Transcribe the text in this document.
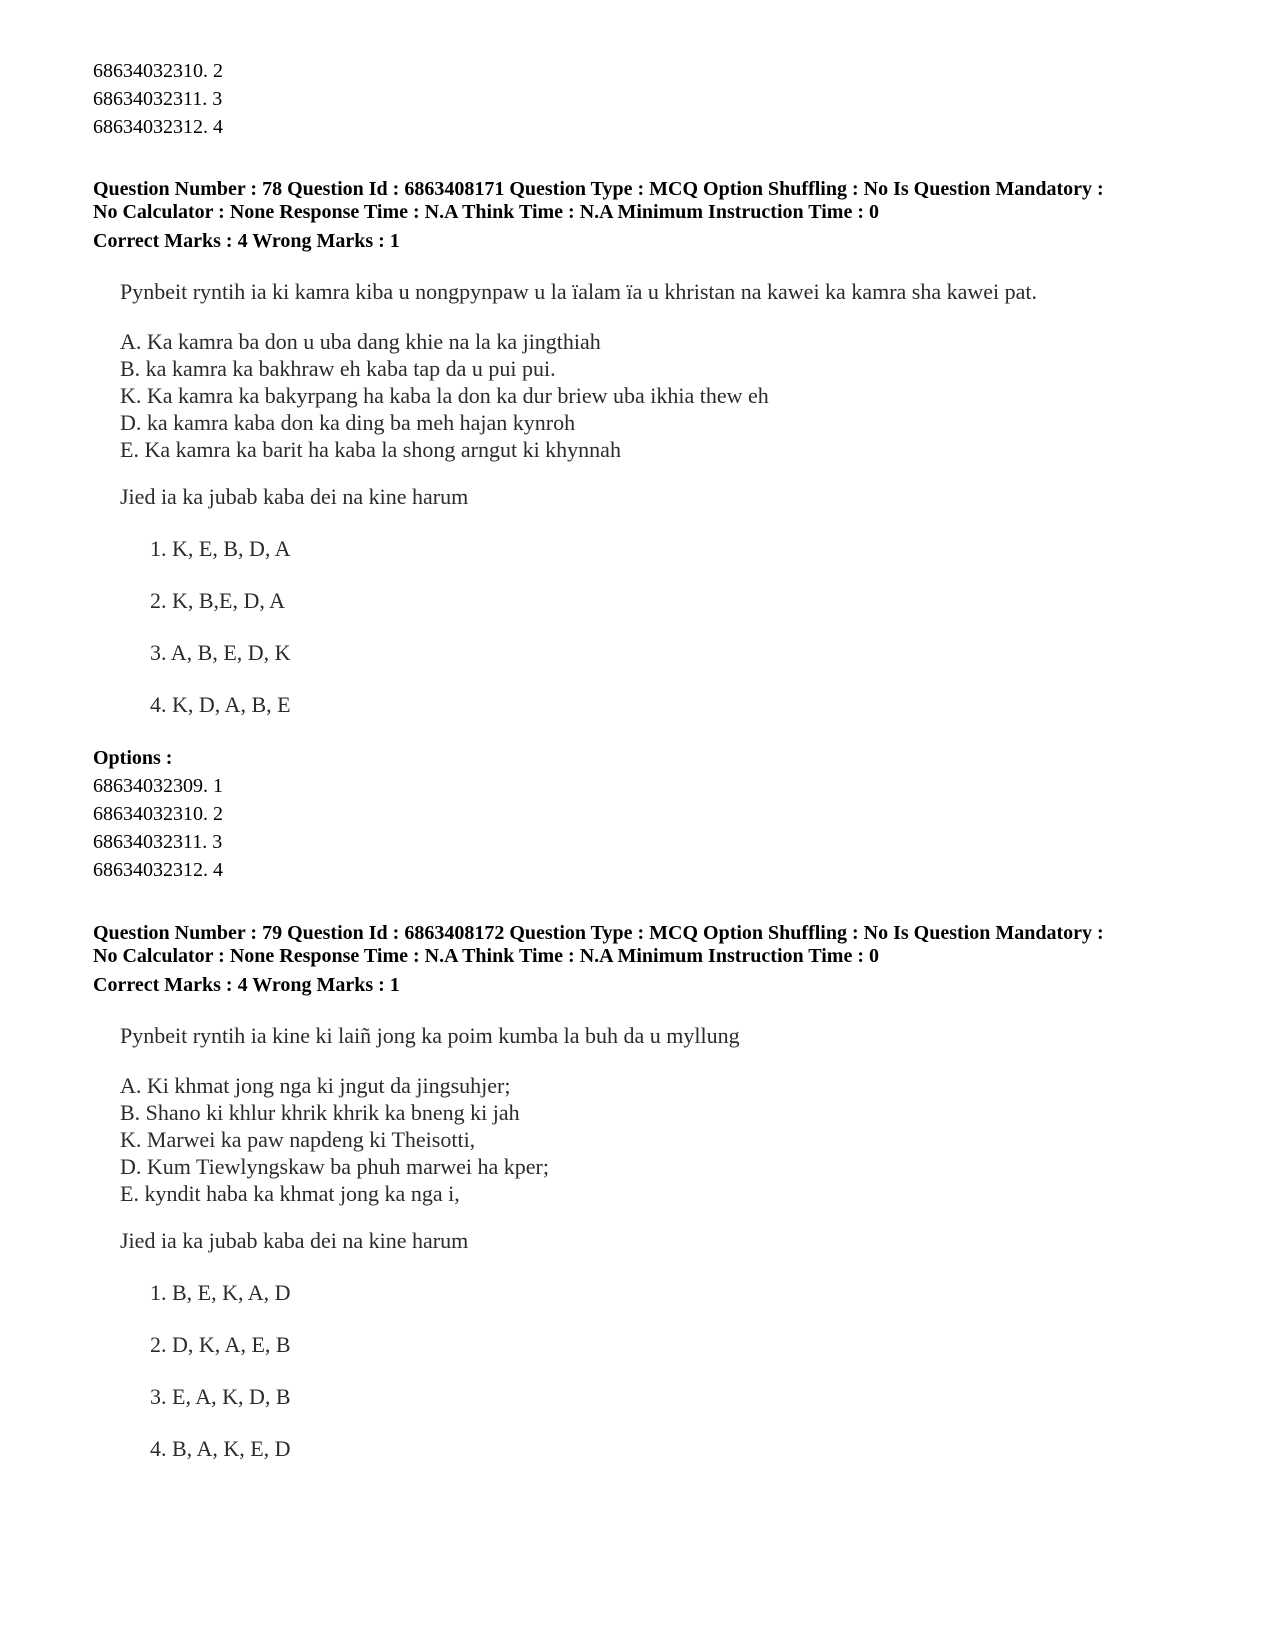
68634032310. 2
68634032311. 3
68634032312. 4
Question Number : 78 Question Id : 6863408171 Question Type : MCQ Option Shuffling : No Is Question Mandatory :
No Calculator : None Response Time : N.A Think Time : N.A Minimum Instruction Time : 0
Correct Marks : 4 Wrong Marks : 1
Pynbeit ryntih ia ki kamra kiba u nongpynpaw u la ïalam ïa u khristan na kawei ka kamra sha kawei pat.
A. Ka kamra ba don u uba dang khie na la ka jingthiah
B. ka kamra ka bakhraw eh kaba tap da u pui pui.
K. Ka kamra ka bakyrpang ha kaba la don ka dur briew uba ikhia thew eh
D. ka kamra kaba don ka ding ba meh hajan kynroh
E. Ka kamra ka barit ha kaba la shong arngut ki khynnah
Jied ia ka jubab kaba dei na kine harum
1. K, E, B, D, A
2. K, B,E, D, A
3. A, B, E, D, K
4. K, D, A, B, E
Options :
68634032309. 1
68634032310. 2
68634032311. 3
68634032312. 4
Question Number : 79 Question Id : 6863408172 Question Type : MCQ Option Shuffling : No Is Question Mandatory :
No Calculator : None Response Time : N.A Think Time : N.A Minimum Instruction Time : 0
Correct Marks : 4 Wrong Marks : 1
Pynbeit ryntih ia kine ki laiñ jong ka poim kumba la buh da u myllung
A. Ki khmat jong nga ki jngut da jingsuhjer;
B. Shano ki khlur khrik khrik ka bneng ki jah
K. Marwei ka paw napdeng ki Theisotti,
D. Kum Tiewlyngskaw ba phuh marwei ha kper;
E. kyndit haba ka khmat jong ka nga i,
Jied ia ka jubab kaba dei na kine harum
1. B, E, K, A, D
2. D, K, A, E, B
3. E, A, K, D, B
4. B, A, K, E, D
